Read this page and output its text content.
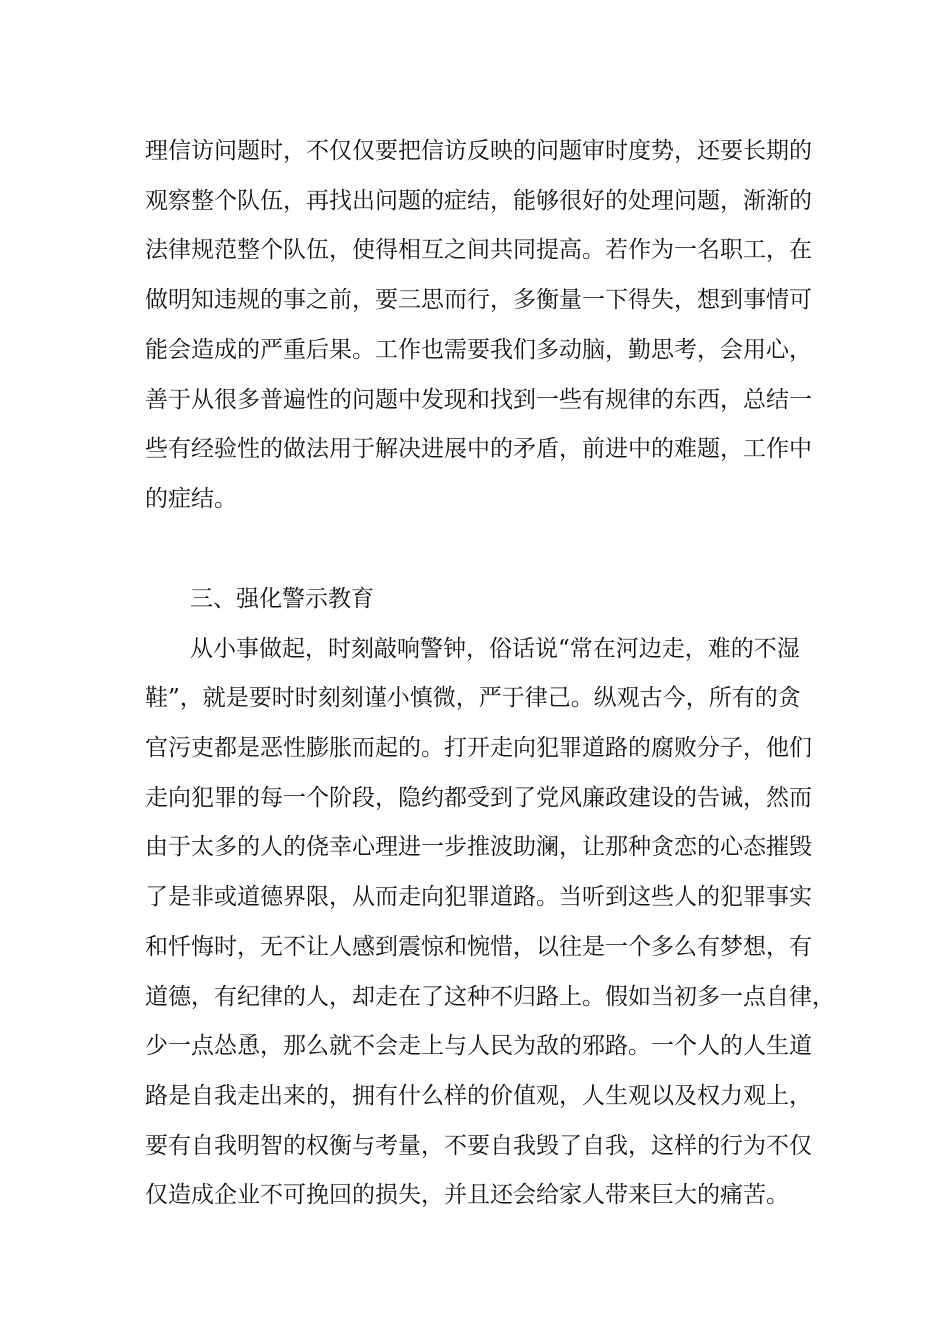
理信访问题时，不仅仅要把信访反映的问题审时度势，还要长期的
观察整个队伍，再找出问题的症结，能够很好的处理问题，渐渐的
法律规范整个队伍，使得相互之间共同提高。若作为一名职工，在
做明知违规的事之前，要三思而行，多衡量一下得失，想到事情可
能会造成的严重后果。工作也需要我们多动脑，勤思考，会用心，
善于从很多普遍性的问题中发现和找到一些有规律的东西，总结一
些有经验性的做法用于解决进展中的矛盾，前进中的难题，工作中
的症结。
三、强化警示教育
从小事做起，时刻敲响警钟，俗话说“常在河边走，难的不湿
鞋”，就是要时时刻刻谨小慎微，严于律己。纵观古今，所有的贪
官污吏都是恶性膨胀而起的。打开走向犯罪道路的腐败分子，他们
走向犯罪的每一个阶段，隐约都受到了党风廉政建设的告诫，然而
由于太多的人的侥幸心理进一步推波助澜，让那种贪恋的心态摧毁
了是非或道德界限，从而走向犯罪道路。当听到这些人的犯罪事实
和忏悔时，无不让人感到震惊和惋惜，以往是一个多么有梦想，有
道德，有纪律的人，却走在了这种不归路上。假如当初多一点自律，
少一点怂恿，那么就不会走上与人民为敌的邪路。一个人的人生道
路是自我走出来的，拥有什么样的价值观，人生观以及权力观上，
要有自我明智的权衡与考量，不要自我毁了自我，这样的行为不仅
仅造成企业不可挽回的损失，并且还会给家人带来巨大的痛苦。
